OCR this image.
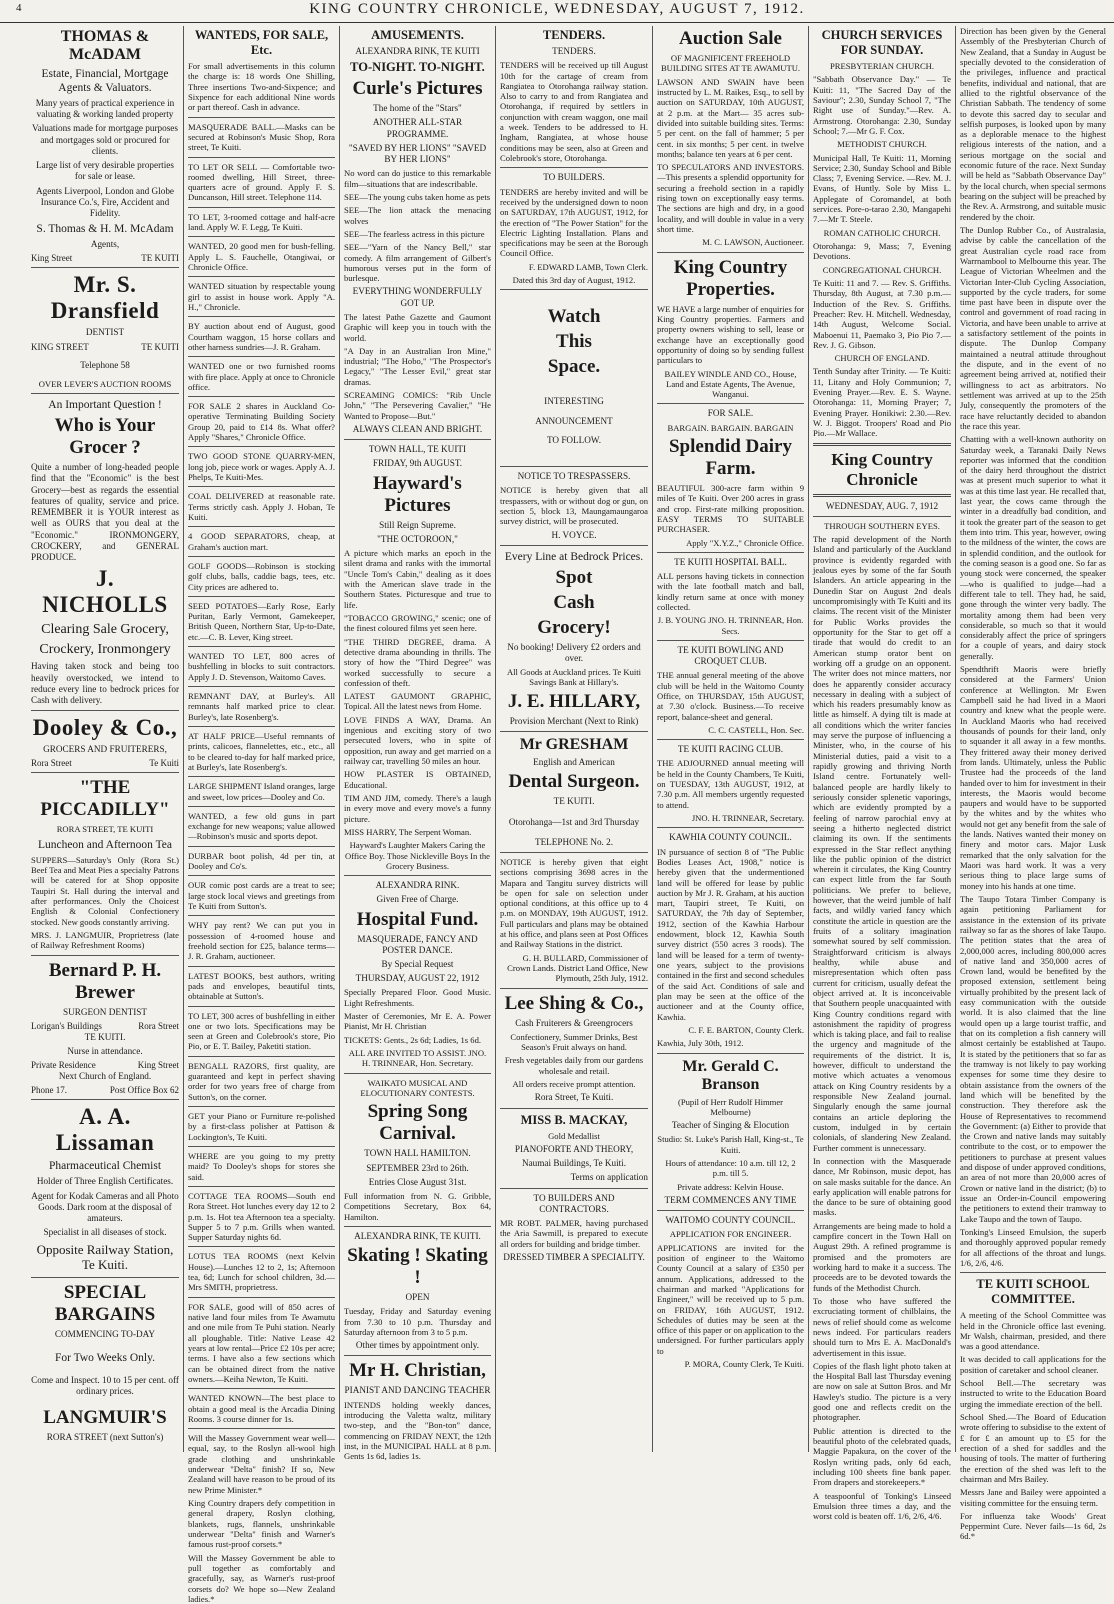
4	KING COUNTRY CHRONICLE, WEDNESDAY, AUGUST 7, 1912.
THOMAS & McADAM

Estate, Financial, Mortgage Agents & Valuators.

Many years of practical experience in valuating & working landed property

Valuations made for mortgage purposes and mortgages sold or procured for clients.

Large list of very desirable properties for sale or lease.

Agents Liverpool, London and Globe Insurance Co.'s, Fire, Accident and Fidelity.

S. Thomas & H. M. McAdam

Agents,

King Street	TE KUITI
Mr. S. Dransfield

DENTIST

KING STREET	TE KUITI

Telephone 58

OVER LEVER'S AUCTION ROOMS

An Important Question !

Who is Your Grocer ?

Quite a number of long-headed people find that the "Economic" is the best Grocery—best as regards the essential features of quality, service and price. REMEMBER it is YOUR interest as well as OURS that you deal at the "Economic." IRONMONGERY, CROCKERY, and GENERAL PRODUCE.

J. NICHOLLS

Clearing Sale Grocery,

Crockery, Ironmongery

Having taken stock and being too heavily overstocked, we intend to reduce every line to bedrock prices for Cash with delivery.

Dooley & Co.,

GROCERS AND FRUITERERS,

Rora Street	Te Kuiti
"THE PICCADILLY"

RORA STREET, TE KUITI

Luncheon and Afternoon Tea

SUPPERS—Saturday's Only (Rora St.) Beef Tea and Meat Pies a specialty Patrons will be catered for at Shop opposite Taupiri St. Hall during the interval and after performances. Only the Choicest English & Colonial Confectionery stocked. New goods constantly arriving.

MRS. J. LANGMUIR, Proprietress (late of Railway Refreshment Rooms)

Bernard P. H. Brewer

SURGEON DENTIST

Lorigan's Buildings	Rora Street

TE KUITI.

Nurse in attendance.

Private Residence	King Street

Next Church of England.

Phone 17.	Post Office Box 62
A. A. Lissaman

Pharmaceutical Chemist

Holder of Three English Certificates.

Agent for Kodak Cameras and all Photo Goods. Dark room at the disposal of amateurs.

Specialist in all diseases of stock.

Opposite Railway Station, Te Kuiti.

SPECIAL BARGAINS

COMMENCING TO-DAY

For Two Weeks Only.

Come and Inspect. 10 to 15 per cent. off ordinary prices.

LANGMUIR'S

RORA STREET (next Sutton's)

WANTEDS, FOR SALE, Etc.

For small advertisements in this column the charge is: 18 words One Shilling, Three insertions Two-and-Sixpence; and Sixpence for each additional Nine words or part thereof. Cash in advance.

MASQUERADE BALL.—Masks can be secured at Robinson's Music Shop, Rora street, Te Kuiti.

TO LET OR SELL — Comfortable two-roomed dwelling, Hill Street, three-quarters acre of ground. Apply F. S. Duncanson, Hill street. Telephone 114.

TO LET, 3-roomed cottage and half-acre land. Apply W. F. Legg, Te Kuiti.

WANTED, 20 good men for bush-felling. Apply L. S. Fauchelle, Otangiwai, or Chronicle Office.

WANTED situation by respectable young girl to assist in house work. Apply "A. H.," Chronicle.

BY auction about end of August, good Courtham waggon, 15 horse collars and other harness sundries—J. R. Graham.

WANTED one or two furnished rooms with fire place. Apply at once to Chronicle office.

FOR SALE 2 shares in Auckland Co-operative Terminating Building Society Group 20, paid to £14 8s. What offer? Apply "Shares," Chronicle Office.

TWO GOOD STONE QUARRY-MEN, long job, piece work or wages. Apply A. J. Phelps, Te Kuiti-Mes.

COAL DELIVERED at reasonable rate. Terms strictly cash. Apply J. Hoban, Te Kuiti.

4 GOOD SEPARATORS, cheap, at Graham's auction mart.

GOLF GOODS—Robinson is stocking golf clubs, balls, caddie bags, tees, etc. City prices are adhered to.

SEED POTATOES—Early Rose, Early Puritan, Early Vermont, Gamekeeper, British Queen, Northern Star, Up-to-Date, etc.—C. B. Lever, King street.

WANTED TO LET, 800 acres of bushfelling in blocks to suit contractors. Apply J. D. Stevenson, Waitomo Caves.

REMNANT DAY, at Burley's. All remnants half marked price to clear. Burley's, late Rosenberg's.

AT HALF PRICE—Useful remnants of prints, calicoes, flannelettes, etc., etc., all to be cleared to-day for half marked price, at Burley's, late Rosenberg's.

LARGE SHIPMENT Island oranges, large and sweet, low prices—Dooley and Co.

WANTED, a few old guns in part exchange for new weapons; value allowed—Robinson's music and sports depot.

DURBAR boot polish, 4d per tin, at Dooley and Co's.

OUR comic post cards are a treat to see; large stock local views and greetings from Te Kuiti from Sutton's.

WHY pay rent? We can put you in possession of 4-roomed house and freehold section for £25, balance terms—J. R. Graham, auctioneer.

LATEST BOOKS, best authors, writing pads and envelopes, beautiful tints, obtainable at Sutton's.

TO LET, 300 acres of bushfelling in either one or two lots. Specifications may be seen at Green and Colebrook's store, Pio Pio, or E. T. Bailey, Paketiti station.

BENGALL RAZORS, first quality, are guaranteed and kept in perfect shaving order for two years free of charge from Sutton's, on the corner.

GET your Piano or Furniture re-polished by a first-class polisher at Pattison & Lockington's, Te Kuiti.

WHERE are you going to my pretty maid? To Dooley's shops for stores she said.

COTTAGE TEA ROOMS—South end Rora Street. Hot lunches every day 12 to 2 p.m. 1s. Hot tea Afternoon tea a specialty. Supper 5 to 7 p.m. Grills when wanted. Supper Saturday nights 6d.

LOTUS TEA ROOMS (next Kelvin House).—Lunches 12 to 2, 1s; Afternoon tea, 6d; Lunch for school children, 3d.—Mrs SMITH, proprietress.

FOR SALE, good will of 850 acres of native land four miles from Te Awamutu and one mile from Te Puhi station. Nearly all ploughable. Title: Native Lease 42 years at low rental—Price £2 10s per acre; terms. I have also a few sections which can be obtained direct from the native owners.—Keiha Newton, Te Kuiti.

WANTED KNOWN—The best place to obtain a good meal is the Arcadia Dining Rooms. 3 course dinner for 1s.

Will the Massey Government wear well—equal, say, to the Roslyn all-wool high grade clothing and unshrinkable underwear "Delta" finish? If so, New Zealand will have reason to be proud of its new Prime Minister.*

King Country drapers defy competition in general drapery, Roslyn clothing, blankets, rugs, flannels, unshrinkable underwear "Delta" finish and Warner's famous rust-proof corsets.*

Will the Massey Government be able to pull together as comfortably and gracefully, say, as Warner's rust-proof corsets do? We hope so—New Zealand ladies.*

AMUSEMENTS.

ALEXANDRA RINK, TE KUITI

TO-NIGHT. TO-NIGHT.
Curle's Pictures

The home of the "Stars"

ANOTHER ALL-STAR PROGRAMME.

"SAVED BY HER LIONS" "SAVED BY HER LIONS"

No word can do justice to this remarkable film—situations that are indescribable.

SEE—The young cubs taken home as pets

SEE—The lion attack the menacing wolves

SEE—The fearless actress in this picture

SEE—"Yarn of the Nancy Bell," star comedy. A film arrangement of Gilbert's humorous verses put in the form of burlesque.

EVERYTHING WONDERFULLY GOT UP.

The latest Pathe Gazette and Gaumont Graphic will keep you in touch with the world.

"A Day in an Australian Iron Mine," industrial; "The Hobo," "The Prospector's Legacy," "The Lesser Evil," great star dramas.

SCREAMING COMICS: "Rib Uncle John," "The Persevering Cavalier," "He Wanted to Propose—But."

ALWAYS CLEAN AND BRIGHT.

TOWN HALL, TE KUITI

FRIDAY, 9th AUGUST.

Hayward's Pictures

Still Reign Supreme.

"THE OCTOROON,"

A picture which marks an epoch in the silent drama and ranks with the immortal "Uncle Tom's Cabin," dealing as it does with the American slave trade in the Southern States. Picturesque and true to life.

"TOBACCO GROWING," scenic; one of the finest coloured films yet seen here.

"THE THIRD DEGREE, drama. A detective drama abounding in thrills. The story of how the "Third Degree" was worked successfully to secure a confession of theft.

LATEST GAUMONT GRAPHIC, Topical. All the latest news from Home.

LOVE FINDS A WAY, Drama. An ingenious and exciting story of two persecuted lovers, who in spite of opposition, run away and get married on a railway car, travelling 50 miles an hour.

HOW PLASTER IS OBTAINED, Educational.

TIM AND JIM, comedy. There's a laugh in every move and every move's a funny picture.

MISS HARRY, The Serpent Woman.

Hayward's Laughter Makers Caring the Office Boy. Those Nickleville Boys In the Grocery Business.

ALEXANDRA RINK.

Given Free of Charge.

Hospital Fund.

MASQUERADE, FANCY AND POSTER DANCE.

By Special Request

THURSDAY, AUGUST 22, 1912

Specially Prepared Floor. Good Music. Light Refreshments.

Master of Ceremonies, Mr E. A. Power Pianist, Mr H. Christian

TICKETS: Gents., 2s 6d; Ladies, 1s 6d.

ALL ARE INVITED TO ASSIST. JNO. H. TRINNEAR, Hon. Secretary.

WAIKATO MUSICAL AND ELOCUTIONARY CONTESTS.

Spring Song Carnival.

TOWN HALL HAMILTON.

SEPTEMBER 23rd to 26th.

Entries Close August 31st.

Full information from N. G. Gribble, Competitions Secretary, Box 64, Hamilton.

ALEXANDRA RINK, TE KUITI.

Skating ! Skating !

OPEN

Tuesday, Friday and Saturday evening from 7.30 to 10 p.m. Thursday and Saturday afternoon from 3 to 5 p.m.

Other times by appointment only.

Mr H. Christian,

PIANIST AND DANCING TEACHER

INTENDS holding weekly dances, introducing the Valetta waltz, military two-step, and the "Bon-ton" dance, commencing on FRIDAY NEXT, the 12th inst, in the MUNICIPAL HALL at 8 p.m. Gents 1s 6d, ladies 1s.

TENDERS.

TENDERS.

TENDERS will be received up till August 10th for the cartage of cream from Rangiatea to Otorohanga railway station. Also to carry to and from Rangiatea and Otorohanga, if required by settlers in conjunction with cream waggon, one mail a week. Tenders to be addressed to H. Ingham, Rangiatea, at whose house conditions may be seen, also at Green and Colebrook's store, Otorohanga.

TO BUILDERS.

TENDERS are hereby invited and will be received by the undersigned down to noon on SATURDAY, 17th AUGUST, 1912, for the erection of "The Power Station" for the Electric Lighting Installation. Plans and specifications may be seen at the Borough Council Office.

F. EDWARD LAMB, Town Clerk.

Dated this 3rd day of August, 1912.

Watch
This
Space.

INTERESTING

ANNOUNCEMENT

TO FOLLOW.

NOTICE TO TRESPASSERS.

NOTICE is hereby given that all trespassers, with or without dog or gun, on section 5, block 13, Maungamaungaroa survey district, will be prosecuted.

H. VOYCE.

Every Line at Bedrock Prices.

Spot
Cash
Grocery!

No booking! Delivery £2 orders and over.

All Goods at Auckland prices. Te Kuiti Savings Bank at Hillary's.

J. E. HILLARY,

Provision Merchant (Next to Rink)

Mr GRESHAM

English and American

Dental Surgeon.

TE KUITI.

Otorohanga—1st and 3rd Thursday

TELEPHONE No. 2.

NOTICE is hereby given that eight sections comprising 3698 acres in the Mapara and Tangitu survey districts will be open for sale on selection under optional conditions, at this office up to 4 p.m. on MONDAY, 19th AUGUST, 1912. Full particulars and plans may be obtained at his office, and plans seen at Post Offices and Railway Stations in the district.

G. H. BULLARD, Commissioner of Crown Lands. District Land Office, New Plymouth, 25th July, 1912.

Lee Shing & Co.,

Cash Fruiterers & Greengrocers

Confectionery, Summer Drinks, Best Season's Fruit always on hand.

Fresh vegetables daily from our gardens wholesale and retail.

All orders receive prompt attention.

Rora Street, Te Kuiti.

MISS B. MACKAY,

Gold Medallist

PIANOFORTE AND THEORY,

Naumai Buildings, Te Kuiti.

Terms on application

TO BUILDERS AND CONTRACTORS.

MR ROBT. PALMER, having purchased the Aria Sawmill, is prepared to execute all orders for building and bridge timber.

DRESSED TIMBER A SPECIALITY.

Auction Sale

OF MAGNIFICENT FREEHOLD BUILDING SITES AT TE AWAMUTU.

LAWSON AND SWAIN have been instructed by L. M. Raikes, Esq., to sell by auction on SATURDAY, 10th AUGUST, at 2 p.m. at the Mart— 35 acres sub-divided into suitable building sites. Terms: 5 per cent. on the fall of hammer; 5 per cent. in six months; 5 per cent. in twelve months; balance ten years at 6 per cent.

TO SPECULATORS AND INVESTORS.—This presents a splendid opportunity for securing a freehold section in a rapidly rising town on exceptionally easy terms. The sections are high and dry, in a good locality, and will double in value in a very short time.

M. C. LAWSON, Auctioneer.

King Country Properties.

WE HAVE a large number of enquiries for King Country properties. Farmers and property owners wishing to sell, lease or exchange have an exceptionally good opportunity of doing so by sending fullest particulars to

BAILEY WINDLE AND CO., House, Land and Estate Agents, The Avenue, Wanganui.

FOR SALE.

BARGAIN. BARGAIN. BARGAIN

Splendid Dairy Farm.

BEAUTIFUL 300-acre farm within 9 miles of Te Kuiti. Over 200 acres in grass and crop. First-rate milking proposition. EASY TERMS TO SUITABLE PURCHASER.

Apply "X.Y.Z.," Chronicle Office.

TE KUITI HOSPITAL BALL.

ALL persons having tickets in connection with the late football match and ball, kindly return same at once with money collected.

J. B. YOUNG JNO. H. TRINNEAR, Hon. Secs.

TE KUITI BOWLING AND CROQUET CLUB.

THE annual general meeting of the above club will be held in the Waitomo County Office, on THURSDAY, 15th AUGUST, at 7.30 o'clock. Business.—To receive report, balance-sheet and general.

C. C. CASTELL, Hon. Sec.

TE KUITI RACING CLUB.

THE ADJOURNED annual meeting will be held in the County Chambers, Te Kuiti, on TUESDAY, 13th AUGUST, 1912, at 7.30 p.m. All members urgently requested to attend.

JNO. H. TRINNEAR, Secretary.

KAWHIA COUNTY COUNCIL.

IN pursuance of section 8 of "The Public Bodies Leases Act, 1908," notice is hereby given that the undermentioned land will be offered for lease by public auction by Mr J. R. Graham, at his auction mart, Taupiri street, Te Kuiti, on SATURDAY, the 7th day of September, 1912, section of the Kawhia Harbour endowment, block 12, Kawhia South survey district (550 acres 3 roods). The land will be leased for a term of twenty-one years, subject to the provisions contained in the first and second schedules of the said Act. Conditions of sale and plan may be seen at the office of the auctioneer and at the County office, Kawhia.

C. F. E. BARTON, County Clerk.

Kawhia, July 30th, 1912.

Mr. Gerald C. Branson

(Pupil of Herr Rudolf Himmer Melbourne)

Teacher of Singing & Elocution

Studio: St. Luke's Parish Hall, King-st., Te Kuiti.

Hours of attendance: 10 a.m. till 12, 2 p.m. till 5.

Private address: Kelvin House.

TERM COMMENCES ANY TIME

WAITOMO COUNTY COUNCIL.

APPLICATION FOR ENGINEER.

APPLICATIONS are invited for the position of engineer to the Waitomo County Council at a salary of £350 per annum. Applications, addressed to the chairman and marked "Applications for Engineer," will be received up to 5 p.m. on FRIDAY, 16th AUGUST, 1912. Schedules of duties may be seen at the office of this paper or on application to the undersigned. For further particulars apply to

P. MORA, County Clerk, Te Kuiti.

CHURCH SERVICES FOR SUNDAY.

PRESBYTERIAN CHURCH.

"Sabbath Observance Day." — Te Kuiti: 11, "The Sacred Day of the Saviour"; 2.30, Sunday School 7, "The Right use of Sunday."—Rev. A. Armstrong. Otorohanga: 2.30, Sunday School; 7.—Mr G. F. Cox.

METHODIST CHURCH.

Municipal Hall, Te Kuiti: 11, Morning Service; 2.30, Sunday School and Bible Class; 7, Evening Service. —Rev. M. J. Evans, of Huntly. Sole by Miss L. Applegate of Coromandel, at both services. Pore-o-tarao 2.30, Mangapehi 7.—Mr T. Steele.

ROMAN CATHOLIC CHURCH.

Otorohanga: 9, Mass; 7, Evening Devotions.

CONGREGATIONAL CHURCH.

Te Kuiti: 11 and 7. — Rev. S. Griffiths. Thursday, 8th August, at 7.30 p.m.—Induction of the Rev. S. Griffiths. Preacher: Rev. H. Mitchell. Wednesday, 14th August, Welcome Social. Maboenui 11, Paemako 3, Pio Pio 7.—Rev. J. G. Gibson.

CHURCH OF ENGLAND.

Tenth Sunday after Trinity. — Te Kuiti: 11, Litany and Holy Communion; 7, Evening Prayer.—Rev. E. S. Wayne. Otorohanga: 11, Morning Prayer; 7, Evening Prayer. Honikiwi: 2.30.—Rev. W. J. Biggot. Troopers' Road and Pio Pio.—Mr Wallace.

King Country Chronicle

WEDNESDAY, AUG. 7, 1912

THROUGH SOUTHERN EYES.

The rapid development of the North Island and particularly of the Auckland province is evidently regarded with jealous eyes by some of the far South Islanders. An article appearing in the Dunedin Star on August 2nd deals uncompromisingly with Te Kuiti and its claims. The recent visit of the Minister for Public Works provides the opportunity for the Star to get off a tirade that would do credit to an American stump orator bent on working off a grudge on an opponent. The writer does not mince matters, nor does he apparently consider accuracy necessary in dealing with a subject of which his readers presumably know as little as himself. A dying tilt is made at all conditions which the writer fancies may serve the purpose of influencing a Minister, who, in the course of his Ministerial duties, paid a visit to a rapidly growing and thriving North Island centre. Fortunately well-balanced people are hardly likely to seriously consider splenetic vaporings, which are evidently prompted by a feeling of narrow parochial envy at seeing a hitherto neglected district claiming its own. If the sentiments expressed in the Star reflect anything like the public opinion of the district wherein it circulates, the King Country can expect little from the far South politicians. We prefer to believe, however, that the weird jumble of half facts, and wildly varied fancy which constitute the article in question are the fruits of a solitary imagination somewhat soured by self commission. Straightforward criticism is always healthy, while abuse and misrepresentation which often pass current for criticism, usually defeat the object arrived at. It is inconceivable that Southern people unacquainted with King Country conditions regard with astonishment the rapidity of progress which is taking place, and fail to realise the urgency and magnitude of the requirements of the district. It is, however, difficult to understand the motive which actuates a venomous attack on King Country residents by a responsible New Zealand journal. Singularly enough the same journal contains an article deploring the custom, indulged in by certain colonials, of slandering New Zealand. Further comment is unnecessary.

In connection with the Masquerade dance, Mr Robinson, music depot, has on sale masks suitable for the dance. An early application will enable patrons for the dance to be sure of obtaining good masks.

Arrangements are being made to hold a campfire concert in the Town Hall on August 29th. A refined programme is promised and the promoters are working hard to make it a success. The proceeds are to be devoted towards the funds of the Methodist Church.

To those who have suffered the excruciating torment of chilblains, the news of relief should come as welcome news indeed. For particulars readers should turn to Mrs E. A. MacDonald's advertisement in this issue.

Copies of the flash light photo taken at the Hospital Ball last Thursday evening are now on sale at Sutton Bros. and Mr Hawley's studio. The picture is a very good one and reflects credit on the photographer.

Public attention is directed to the beautiful photo of the celebrated quads, Maggie Papakura, on the cover of the Roslyn writing pads, only 6d each, including 100 sheets fine bank paper. From drapers and storekeepers.*

A teaspoonful of Tonking's Linseed Emulsion three times a day, and the worst cold is beaten off. 1/6, 2/6, 4/6.

Direction has been given by the General Assembly of the Presbyterian Church of New Zealand, that a Sunday in August be specially devoted to the consideration of the privileges, influence and practical benefits, individual and national, that are allied to the rightful observance of the Christian Sabbath. The tendency of some to devote this sacred day to secular and selfish purposes, is looked upon by many as a deplorable menace to the highest religious interests of the nation, and a serious mortgage on the social and economic future of the race. Next Sunday will be held as "Sabbath Observance Day" by the local church, when special sermons bearing on the subject will be preached by the Rev. A. Armstrong, and suitable music rendered by the choir.

The Dunlop Rubber Co., of Australasia, advise by cable the cancellation of the great Australian cycle road race from Warrnambool to Melbourne this year. The League of Victorian Wheelmen and the Victorian Inter-Club Cycling Association, supported by the cycle traders, for some time past have been in dispute over the control and government of road racing in Victoria, and have been unable to arrive at a satisfactory settlement of the points in dispute. The Dunlop Company maintained a neutral attitude throughout the dispute, and in the event of no agreement being arrived at, notified their willingness to act as arbitrators. No settlement was arrived at up to the 25th July, consequently the promoters of the race have reluctantly decided to abandon the race this year.

Chatting with a well-known authority on Saturday week, a Taranaki Daily News reporter was informed that the condition of the dairy herd throughout the district was at present much superior to what it was at this time last year. He recalled that, last year, the cows came through the winter in a dreadfully bad condition, and it took the greater part of the season to get them into trim. This year, however, owing to the mildness of the winter, the cows are in splendid condition, and the outlook for the coming season is a good one. So far as young stock were concerned, the speaker—who is qualified to judge—had a different tale to tell. They had, he said, gone through the winter very badly. The mortality among them had been very considerable, so much so that it would considerably affect the price of springers for a couple of years, and dairy stock generally.

Spendthrift Maoris were briefly considered at the Farmers' Union conference at Wellington. Mr Ewen Campbell said he had lived in a Maori country and knew what the people were. In Auckland Maoris who had received thousands of pounds for their land, only to squander it all away in a few months. They frittered away their money derived from lands. Ultimately, unless the Public Trustee had the proceeds of the land handed over to him for investment in their interests, the Maoris would become paupers and would have to be supported by the whites and by the whites who would not get any benefit from the sale of the lands. Natives wanted their money on finery and motor cars. Major Lusk remarked that the only salvation for the Maori was hard work. It was a very serious thing to place large sums of money into his hands at one time.

The Taupo Totara Timber Company is again petitioning Parliament for assistance in the extension of its private railway so far as the shores of lake Taupo. The petition states that the area of 2,000,000 acres, including 800,000 acres of native land and 350,000 acres of Crown land, would be benefited by the proposed extension, settlement being virtually prohibited by the present lack of easy communication with the outside world. It is also claimed that the line would open up a large tourist traffic, and that on its completion a fish cannery will almost certainly be established at Taupo. It is stated by the petitioners that so far as the tramway is not likely to pay working expenses for some time they desire to obtain assistance from the owners of the land which will be benefited by the construction. They therefore ask the House of Representatives to recommend the Government: (a) Either to provide that the Crown and native lands may suitably contribute to the cost, or to empower the petitioners to purchase at present values and dispose of under approved conditions, an area of not more than 20,000 acres of Crown or native land in the district; (b) to issue an Order-in-Council empowering the petitioners to extend their tramway to Lake Taupo and the town of Taupo.

Tonking's Linseed Emulsion, the superb and thoroughly approved popular remedy for all affections of the throat and lungs. 1/6, 2/6, 4/6.

TE KUITI SCHOOL COMMITTEE.

A meeting of the School Committee was held in the Chronicle office last evening. Mr Walsh, chairman, presided, and there was a good attendance.

It was decided to call applications for the position of caretaker and school cleaner.

School Bell.—The secretary was instructed to write to the Education Board urging the immediate erection of the bell.

School Shed.—The Board of Education wrote offering to subsidise to the extent of £ for £ an amount up to £5 for the erection of a shed for saddles and the housing of tools. The matter of furthering the erection of the shed was left to the chairman and Mrs Bailey.

Messrs Jane and Bailey were appointed a visiting committee for the ensuing term.

For influenza take Woods' Great Peppermint Cure. Never fails—1s 6d, 2s 6d.*
